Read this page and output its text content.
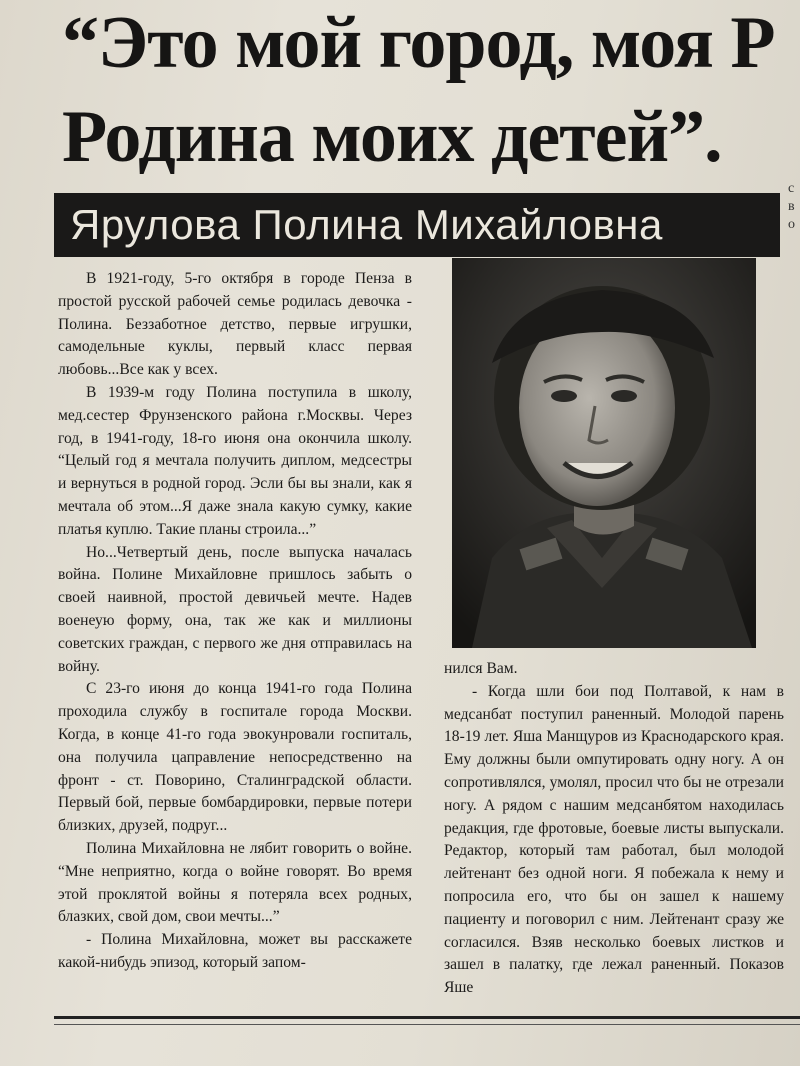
“Это мой город, моя Р
Родина моих детей”.
Ярулова Полина Михайловна
с
в
о

В 1921-году, 5-го октября в городе Пенза в простой русской рабочей семье родилась девочка - Полина. Беззаботное детство, первые игрушки, самодельные куклы, первый класс первая любовь...Все как у всех.

В 1939-м году Полина поступила в школу, мед.сестер Фрунзенского района г.Москвы. Через год, в 1941-году, 18-го июня она окончила школу. “Целый год я мечтала получить диплом, медсестры и вернуться в родной город. Эсли бы вы знали, как я мечтала об этом...Я даже знала какую сумку, какие платья куплю. Такие планы строила...”

Но...Четвертый день, после выпуска началась война. Полине Михайловне пришлось забыть о своей наивной, простой девичьей мечте. Надев военеую форму, она, так же как и миллионы советских граждан, с первого же дня отправилась на войну.

С 23-го июня до конца 1941-го года Полина проходила службу в госпитале города Москви. Когда, в конце 41-го года эвокунровали госпиталь, она получила цаправление непосредственно на фронт - ст. Поворино, Сталинградской области. Первый бой, первые бомбардировки, первые потери близких, друзей, подруг...

Полина Михайловна не лябит говорить о войне. “Мне неприятно, когда о войне говорят. Во время этой проклятой войны я потеряла всех родных, блазких, свой дом, свои мечты...”

- Полина Михайловна, может вы расскажете какой-нибудь эпизод, который запом-

нился Вам.

- Когда шли бои под Полтавой, к нам в медсанбат поступил раненный. Молодой парень 18-19 лет. Яша Манщуров из Краснодарского края. Ему должны были омпутировать одну ногу. А он сопротивлялся, умолял, просил что бы не отрезали ногу. А рядом с нашим медсанбятом находилась редакция, где фротовые, боевые листы выпускали. Редактор, который там работал, был молодой лейтенант без одной ноги. Я побежала к нему и попросила его, что бы он зашел к нашему пациенту и поговорил с ним. Лейтенант сразу же согласился. Взяв несколько боевых листков и зашел в палатку, где лежал раненный. Показов Яше
